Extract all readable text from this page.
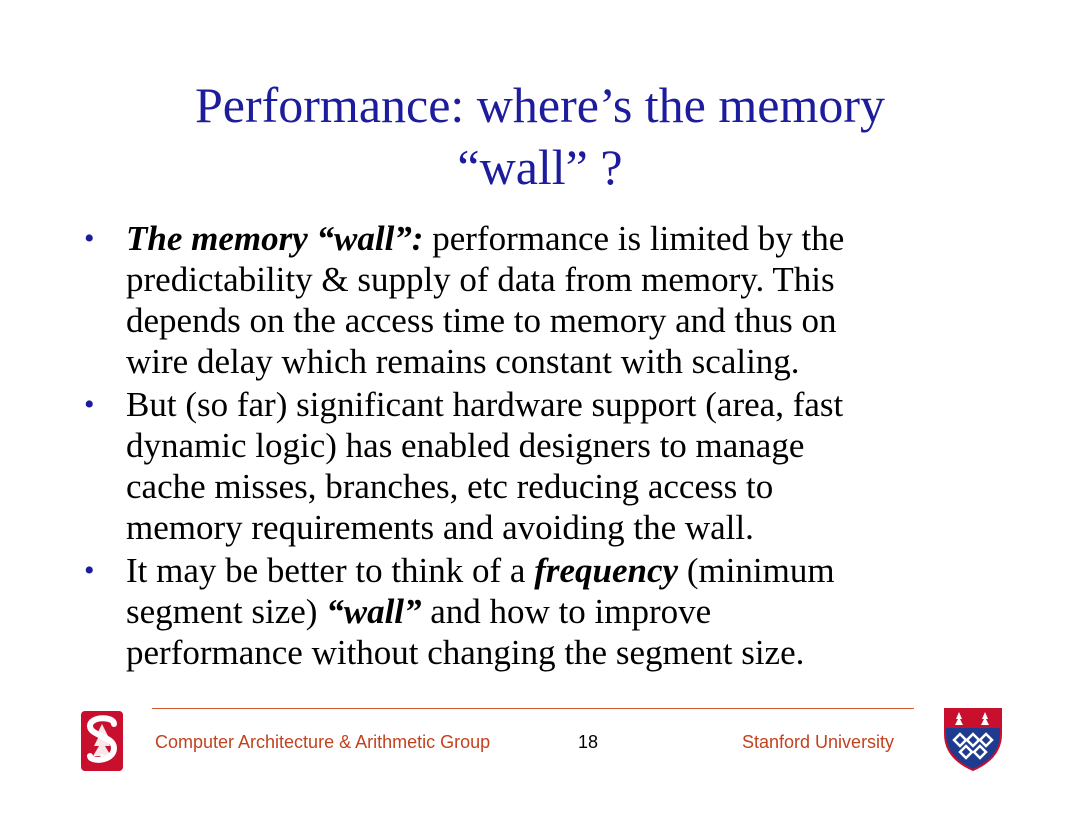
Performance: where’s the memory
“wall” ?
• The memory “wall”: performance is limited by the
predictability & supply of data from memory. This
depends on the access time to memory and thus on
wire delay which remains constant with scaling.
• But (so far) significant hardware support (area, fast
dynamic logic) has enabled designers to manage
cache misses, branches, etc reducing access to
memory requirements and avoiding the wall.
• It may be better to think of a frequency (minimum
segment size) “wall” and how to improve
performance without changing the segment size.
Computer Architecture & Arithmetic Group	18	Stanford University
